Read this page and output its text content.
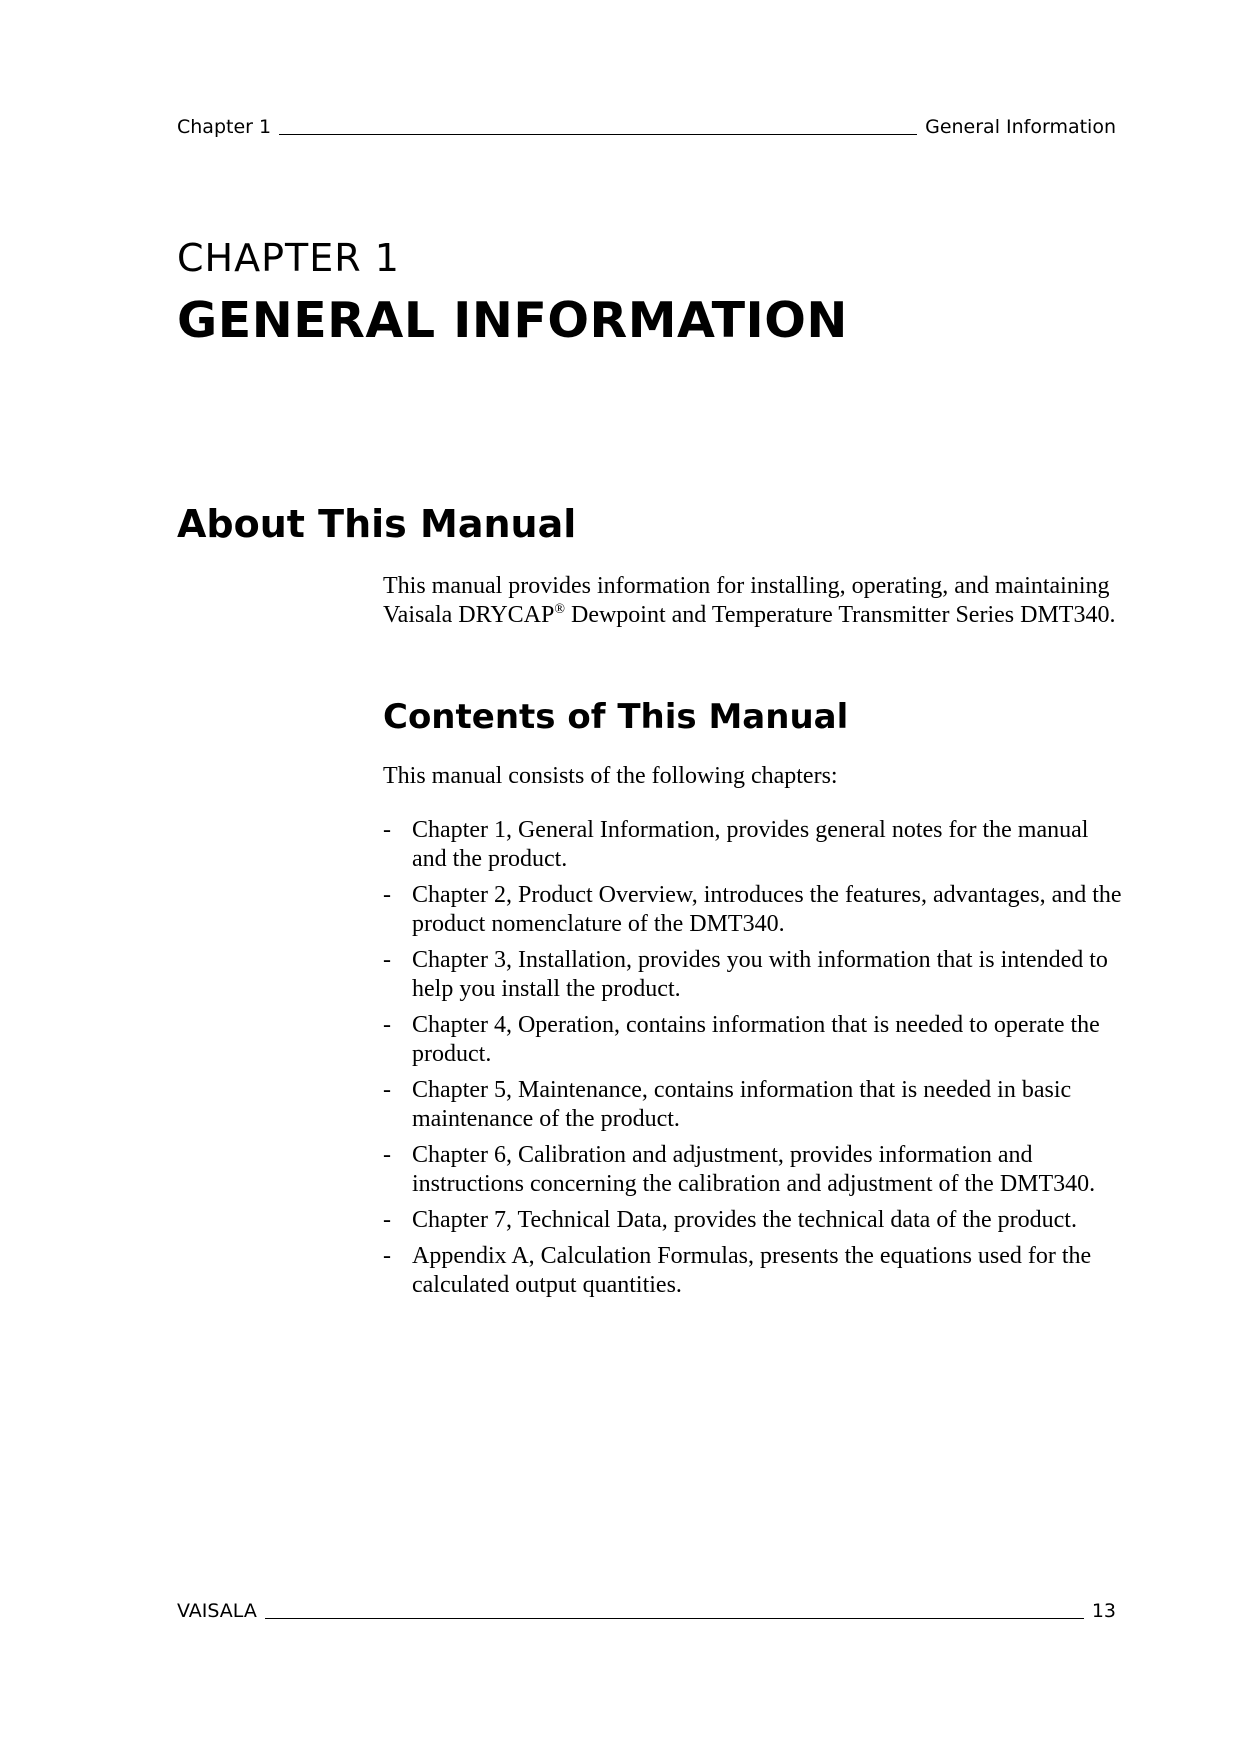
Chapter 1	General Information
CHAPTER 1
GENERAL INFORMATION
About This Manual

This manual provides information for installing, operating, and maintaining Vaisala DRYCAP® Dewpoint and Temperature Transmitter Series DMT340.

Contents of This Manual

This manual consists of the following chapters:

- Chapter 1, General Information, provides general notes for the manual and the product.
- Chapter 2, Product Overview, introduces the features, advantages, and the product nomenclature of the DMT340.
- Chapter 3, Installation, provides you with information that is intended to help you install the product.
- Chapter 4, Operation, contains information that is needed to operate the product.
- Chapter 5, Maintenance, contains information that is needed in basic maintenance of the product.
- Chapter 6, Calibration and adjustment, provides information and instructions concerning the calibration and adjustment of the DMT340.
- Chapter 7, Technical Data, provides the technical data of the product.
- Appendix A, Calculation Formulas, presents the equations used for the calculated output quantities.
VAISALA	13
